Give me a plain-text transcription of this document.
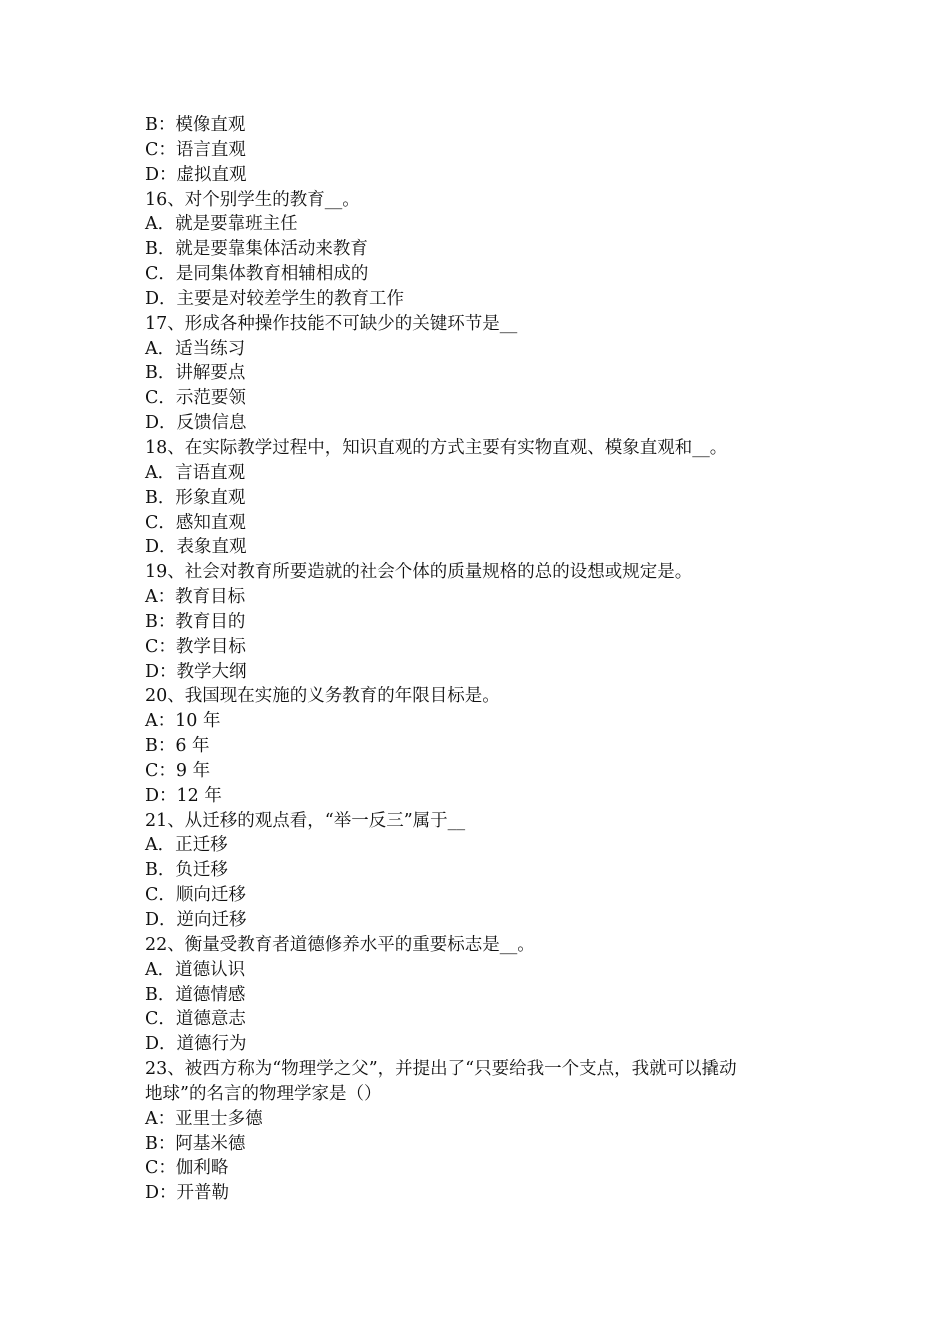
B：模像直观

C：语言直观

D：虚拟直观

16、对个别学生的教育__。

A．就是要靠班主任

B．就是要靠集体活动来教育

C．是同集体教育相辅相成的

D．主要是对较差学生的教育工作

17、形成各种操作技能不可缺少的关键环节是__

A．适当练习

B．讲解要点

C．示范要领

D．反馈信息

18、在实际教学过程中，知识直观的方式主要有实物直观、模象直观和__。

A．言语直观

B．形象直观

C．感知直观

D．表象直观

19、社会对教育所要造就的社会个体的质量规格的总的设想或规定是。

A：教育目标

B：教育目的

C：教学目标

D：教学大纲

20、我国现在实施的义务教育的年限目标是。

A：10 年

B：6 年

C：9 年

D：12 年

21、从迁移的观点看，“举一反三”属于__

A．正迁移

B．负迁移

C．顺向迁移

D．逆向迁移

22、衡量受教育者道德修养水平的重要标志是__。

A．道德认识

B．道德情感

C．道德意志

D．道德行为

23、被西方称为“物理学之父”，并提出了“只要给我一个支点，我就可以撬动

地球”的名言的物理学家是（）

A：亚里士多德

B：阿基米德

C：伽利略

D：开普勒
